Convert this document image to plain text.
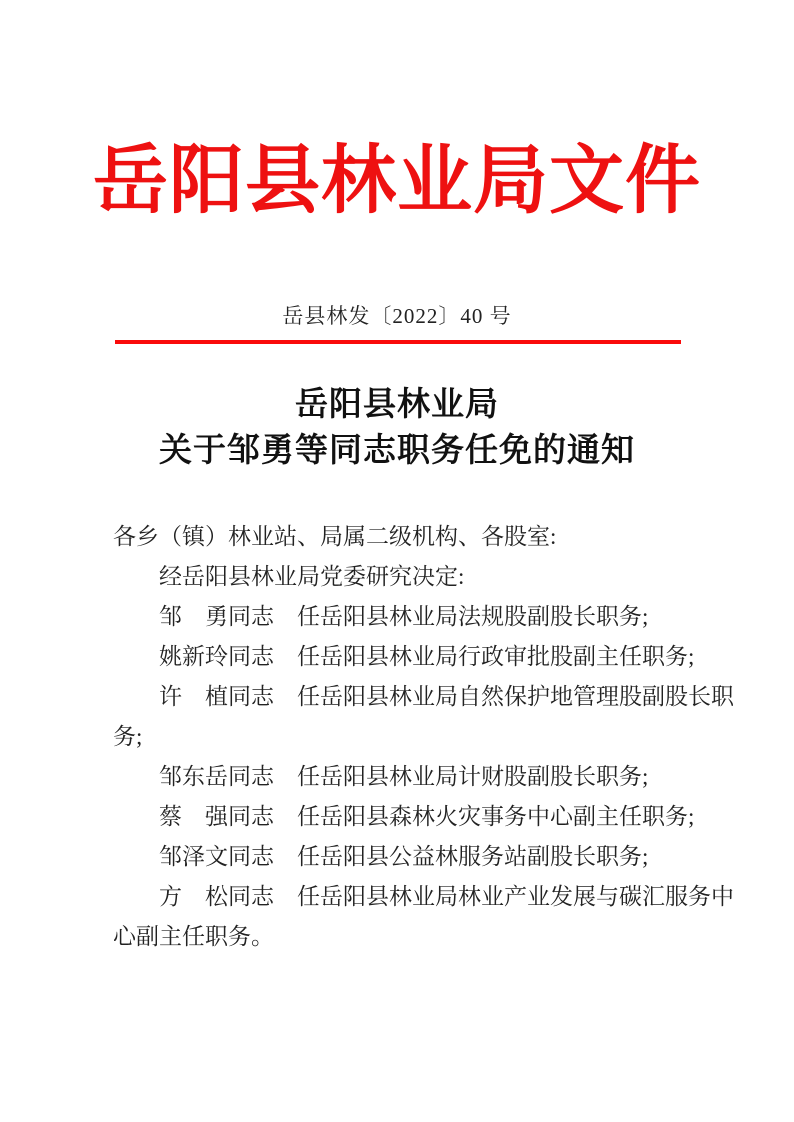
岳阳县林业局文件
岳县林发〔2022〕40 号
岳阳县林业局
关于邹勇等同志职务任免的通知

各乡（镇）林业站、局属二级机构、各股室:

经岳阳县林业局党委研究决定:

邹　勇同志　任岳阳县林业局法规股副股长职务;

姚新玲同志　任岳阳县林业局行政审批股副主任职务;

许　植同志　任岳阳县林业局自然保护地管理股副股长职务;

邹东岳同志　任岳阳县林业局计财股副股长职务;

蔡　强同志　任岳阳县森林火灾事务中心副主任职务;

邹泽文同志　任岳阳县公益林服务站副股长职务;

方　松同志　任岳阳县林业局林业产业发展与碳汇服务中心副主任职务。
